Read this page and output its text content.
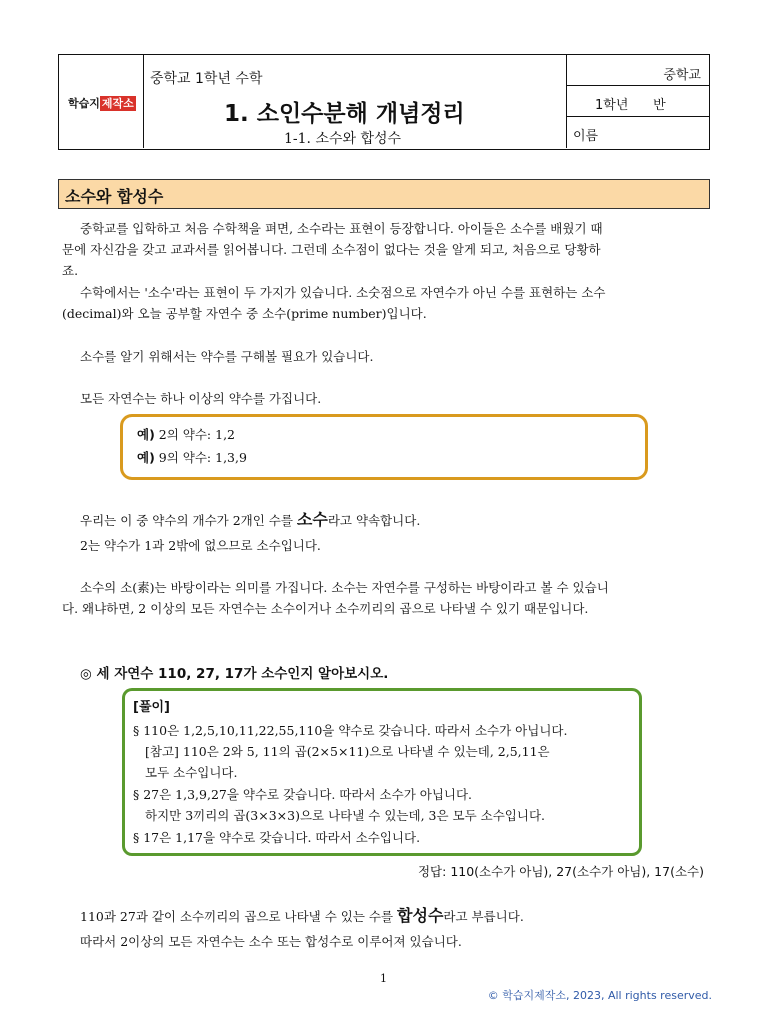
학습지 제작소
중학교
1학년      반
이름
중학교 1학년 수학
1. 소인수분해 개념정리
1-1. 소수와 합성수
소수와 합성수
중학교를 입학하고 처음 수학책을 펴면, 소수라는 표현이 등장합니다. 아이들은 소수를 배웠기 때
문에 자신감을 갖고 교과서를 읽어봅니다. 그런데 소수점이 없다는 것을 알게 되고, 처음으로 당황하
죠.
수학에서는 '소수'라는 표현이 두 가지가 있습니다. 소숫점으로 자연수가 아닌 수를 표현하는 소수
(decimal)와 오늘 공부할 자연수 중 소수(prime number)입니다.
소수를 알기 위해서는 약수를 구해볼 필요가 있습니다.
모든 자연수는 하나 이상의 약수를 가집니다.
예) 2의 약수: 1,2
예) 9의 약수: 1,3,9
우리는 이 중 약수의 개수가 2개인 수를 소수라고 약속합니다.
2는 약수가 1과 2밖에 없으므로 소수입니다.
소수의 소(素)는 바탕이라는 의미를 가집니다. 소수는 자연수를 구성하는 바탕이라고 볼 수 있습니
다. 왜냐하면, 2 이상의 모든 자연수는 소수이거나 소수끼리의 곱으로 나타낼 수 있기 때문입니다.
◎ 세 자연수 110, 27, 17가 소수인지 알아보시오.
[풀이]
§ 110은 1,2,5,10,11,22,55,110을 약수로 갖습니다. 따라서 소수가 아닙니다.
[참고] 110은 2와 5, 11의 곱(2×5×11)으로 나타낼 수 있는데, 2,5,11은
모두 소수입니다.
§ 27은 1,3,9,27을 약수로 갖습니다. 따라서 소수가 아닙니다.
하지만 3끼리의 곱(3×3×3)으로 나타낼 수 있는데, 3은 모두 소수입니다.
§ 17은 1,17을 약수로 갖습니다. 따라서 소수입니다.
정답: 110(소수가 아님), 27(소수가 아님), 17(소수)
110과 27과 같이 소수끼리의 곱으로 나타낼 수 있는 수를 합성수라고 부릅니다.
따라서 2이상의 모든 자연수는 소수 또는 합성수로 이루어져 있습니다.
1
© 학습지제작소, 2023, All rights reserved.
